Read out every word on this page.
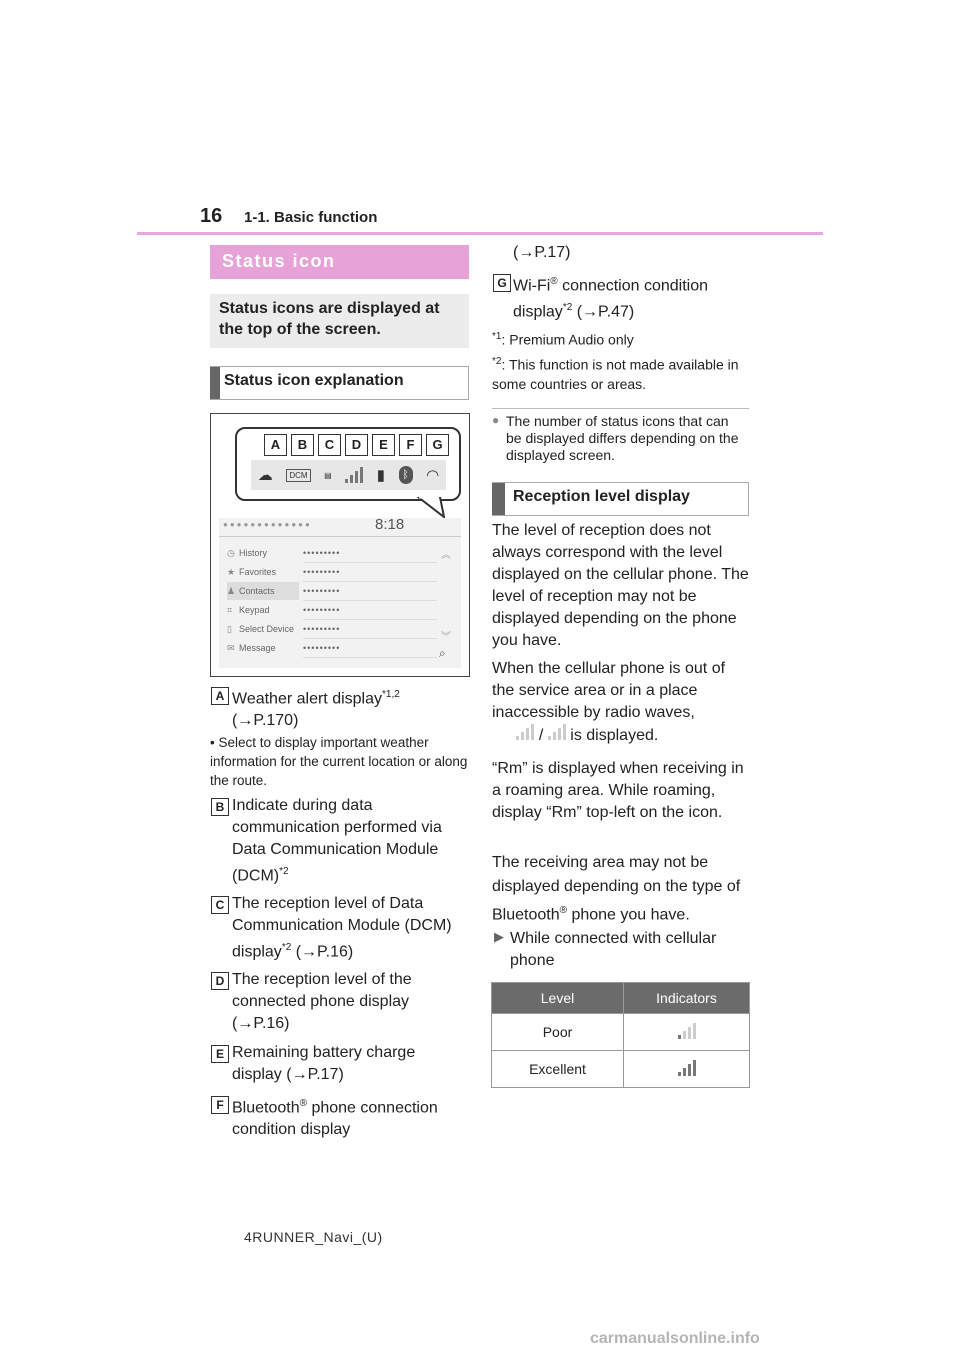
16 1-1. Basic function
Status icon
Status icons are displayed at the top of the screen.
Status icon explanation
A	B	C	D	E	F	G
☁	DCM	▤	▮	ᛒ ◠
●●●●●●●●●●●●●	8:18
◷ History
★ Favorites
♟ Contacts
⌗ Keypad
▯ Select Device
✉ Message
•••••••••
•••••••••
•••••••••
•••••••••
•••••••••
•••••••••
︽
︾
⌕
A Weather alert display$^{*1,2}$
(→P.170)
• Select to display important weather information for the current location or along the route.
B Indicate during data communication performed via Data Communication Module (DCM)$^{*2}$
C The reception level of Data Communication Module (DCM) display$^{*2}$ (→P.16)
D The reception level of the connected phone display
(→P.16)
E Remaining battery charge display (→P.17)
F Bluetooth® phone connection condition display
(→P.17)
G Wi-Fi® connection condition display$^{*2}$ (→P.47)
$^{*1}$: Premium Audio only
$^{*2}$: This function is not made available in some countries or areas.
● The number of status icons that can be displayed differs depending on the displayed screen.
Reception level display
The level of reception does not always correspond with the level displayed on the cellular phone. The level of reception may not be displayed depending on the phone you have.
When the cellular phone is out of the service area or in a place inaccessible by radio waves,

/ is displayed.
“Rm” is displayed when receiving in a roaming area. While roaming, display “Rm” top-left on the icon.
The receiving area may not be displayed depending on the type of Bluetooth® phone you have.
▶ While connected with cellular phone
Level	Indicators
Poor	

Excellent	
4RUNNER_Navi_(U)
carmanualsonline.info
